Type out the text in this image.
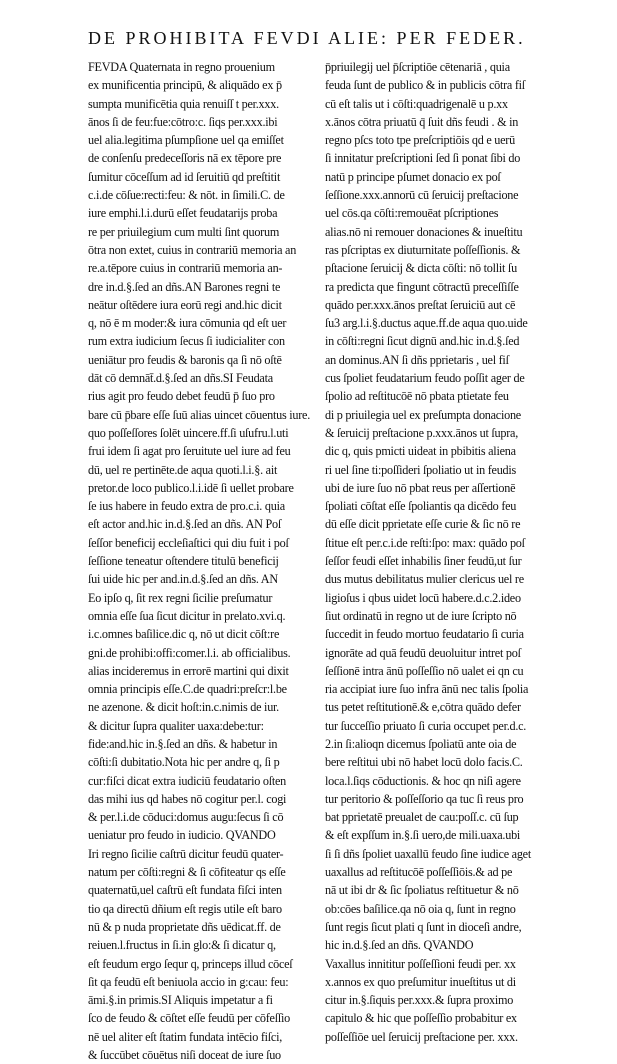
DE PROHIBITA FEVDI ALIE: PER FEDER.
FEVDA Quaternata in regno prouenium
ex munificentia principū, & aliquādo ex p̄
sumpta munificētia quia renuiſſ t per.xxx.
ānos ſi de feu:fue:cōtro:c. ſiqs per.xxx.ibi
uel alia.legitima pſumpſione uel qa emiſſet
de conſenſu predeceſſoris nā ex tēpore pre
ſumitur cōceſſum ad id ſeruitiū qd preſtitit
c.i.de cōſue:recti:feu: & nōt. in ſimili.C. de
iure emphi.l.i.durū eſſet feudatarijs proba
re per priuilegium cum multi ſint quorum
ōtra non extet, cuius in contrariū memoria an
re.a.tēpore cuius in contrariū memoria an-
dre in.d.§.ſed an dñs.AN Barones regni te
neātur oſtēdere iura eorū regi and.hic dicit
q, nō ē m moder:& iura cōmunia qd eſt uer
rum extra iudicium ſecus ſi iudicialiter con
ueniātur pro feudis & baronis qa ſi nō oſtē
dāt cō demnāt̄.d.§.ſed an dñs.SI Feudata
rius agit pro feudo debet feudū p̄ ſuo pro
bare cū p̄bare eſſe ſuū alias uincet cōuentus iure.
quo poſſeſſores ſolēt uincere.ff.ſi uſufru.l.uti
frui idem ſi agat pro ſeruitute uel iure ad feu
dū, uel re pertinēte.de aqua quoti.l.i.§. ait
pretor.de loco publico.l.i.idē ſi uellet probare
ſe ius habere in feudo extra de pro.c.i. quia
eſt actor and.hic in.d.§.ſed an dñs. AN Poſ
ſeſſor beneficij eccleſiaſtici qui diu fuit i poſ
ſeſſione teneatur oſtendere titulū beneficij
ſui uide hic per and.in.d.§.ſed an dñs. AN
Eo ipſo q, ſit rex regni ſicilie preſumatur
omnia eſſe ſua ſicut dicitur in prelato.xvi.q.
i.c.omnes baſilice.dic q, nō ut dicit cōſt:re
gni.de prohibi:offi:comer.l.i. ab officialibus.
alias incideremus in errorē martini qui dixit
omnia principis eſſe.C.de quadri:preſcr:l.be
ne azenone. & dicit hoſt:in.c.nimis de iur.
& dicitur ſupra qualiter uaxa:debe:tur:
fide:and.hic in.§.ſed an dñs. & habetur in
cōſti:ſi dubitatio.Nota hic per andre q, ſi p
cur:fiſci dicat extra iudiciū feudatario oſten
das mihi ius qd habes nō cogitur per.l. cogi
& per.l.i.de cōduci:domus augu:ſecus ſi cō
ueniatur pro feudo in iudicio. QVANDO
Iri regno ſicilie caſtrū dicitur feudū quater-
natum per cōſti:regni & ſi cōfiteatur qs eſſe
quaternatū,uel caſtrū eſt fundata fiſci inten
tio qa directū dñium eſt regis utile eſt baro
nū & p nuda proprietate dñs uēdicat.ff. de
reiuen.l.fructus in ſi.in glo:& ſi dicatur q,
eſt feudum ergo ſequr q, princeps illud cōceſ
ſit qa feudū eſt beniuola accio in g:cau: feu:
āmi.§.in primis.SI Aliquis impetatur a fi
ſco de feudo & cōſtet eſſe feudū per cōfeſſio
nē uel aliter eſt ſtatim fundata intēcio fiſci,
& ſuccūbet cōuētus niſi doceat de iure ſuo
p̄priuilegij uel p̄ſcriptiōe cētenariā , quia
feuda ſunt de publico & in publicis cōtra fiſ
cū eſt talis ut i cōſti:quadrigenalē u p.xx
x.ānos cōtra priuatū q̄ ſuit dñs feudi . & in
regno pſcs toto tpe preſcriptiōis qd e uerū
ſi innitatur preſcriptioni ſed ſi ponat ſibi do
natū p principe pſumet donacio ex poſ
ſeſſione.xxx.annorū cū ſeruicij preſtacione
uel cōs.qa cōſti:remouēat pſcriptiones
alias.nō ni remouer donaciones & inueſtitu
ras pſcriptas ex diuturnitate poſſeſſionis. &
pſtacione ſeruicij & dicta cōſti: nō tollit ſu
ra predicta que fingunt cōtractū preceſſiſſe
quādo per.xxx.ānos preſtat ſeruiciū aut cē
ſu3 arg.l.i.§.ductus aque.ff.de aqua quo.uide
in cōſti:regni ſicut dignū and.hic in.d.§.ſed
an dominus.AN ſi dñs pprietaris , uel fiſ
cus ſpoliet feudatarium feudo poſſit ager de
ſpolio ad reſtitucōē nō pbata ptietate feu
di p priuilegia uel ex preſumpta donacione
& ſeruicij preſtacione p.xxx.ānos ut ſupra,
dic q, quis pmicti uideat in pbibitis aliena
ri uel ſine ti:poſſideri ſpoliatio ut in feudis
ubi de iure ſuo nō pbat reus per aſſertionē
ſpoliati cōſtat eſſe ſpoliantis qa dicēdo feu
dū eſſe dicit pprietate eſſe curie & ſic nō re
ſtitue eſt per.c.i.de reſti:ſpo: max: quādo poſ
ſeſſor feudi eſſet inhabilis ſiner feudū,ut ſur
dus mutus debilitatus mulier clericus uel re
ligioſus i qbus uidet locū habere.d.c.2.ideo
ſiut ordinatū in regno ut de iure ſcripto nō
ſuccedit in feudo mortuo feudatario ſi curia
ignorāte ad quā feudū deuoluitur intret poſ
ſeſſionē intra ānū poſſeſſio nō ualet ei qn cu
ria accipiat iure ſuo infra ānū nec talis ſpolia
tus petet reſtitutionē.& e,cōtra quādo defer
tur ſucceſſio priuato ſi curia occupet per.d.c.
2.in ſi:alioqn dicemus ſpoliatū ante oia de
bere reſtitui ubi nō habet locū dolo facis.C.
loca.l.ſiqs cōductionis. & hoc qn niſi agere
tur peritorio & poſſeſſorio qa tuc ſi reus pro
bat pprietatē preualet de cau:poſſ.c. cū ſup
& eſt expſſum in.§.ſi uero,de mili.uaxa.ubi
ſi ſi dñs ſpoliet uaxallū feudo ſine iudice aget
uaxallus ad reſtitucōē poſſeſſiōis.& ad pe
nā ut ibi dr & ſic ſpoliatus reſtituetur & nō
ob:cōes baſilice.qa nō oia q, ſunt in regno
ſunt regis ſicut plati q ſunt in dioceſi andre,
hic in.d.§.ſed an dñs. QVANDO
Vaxallus innititur poſſeſſioni feudi per. xx
x.annos ex quo preſumitur inueſtitus ut di
citur in.§.ſiquis per.xxx.& ſupra proximo
capitulo & hic que poſſeſſio probabitur ex
poſſeſſiōe uel ſeruicij preſtacione per. xxx.
